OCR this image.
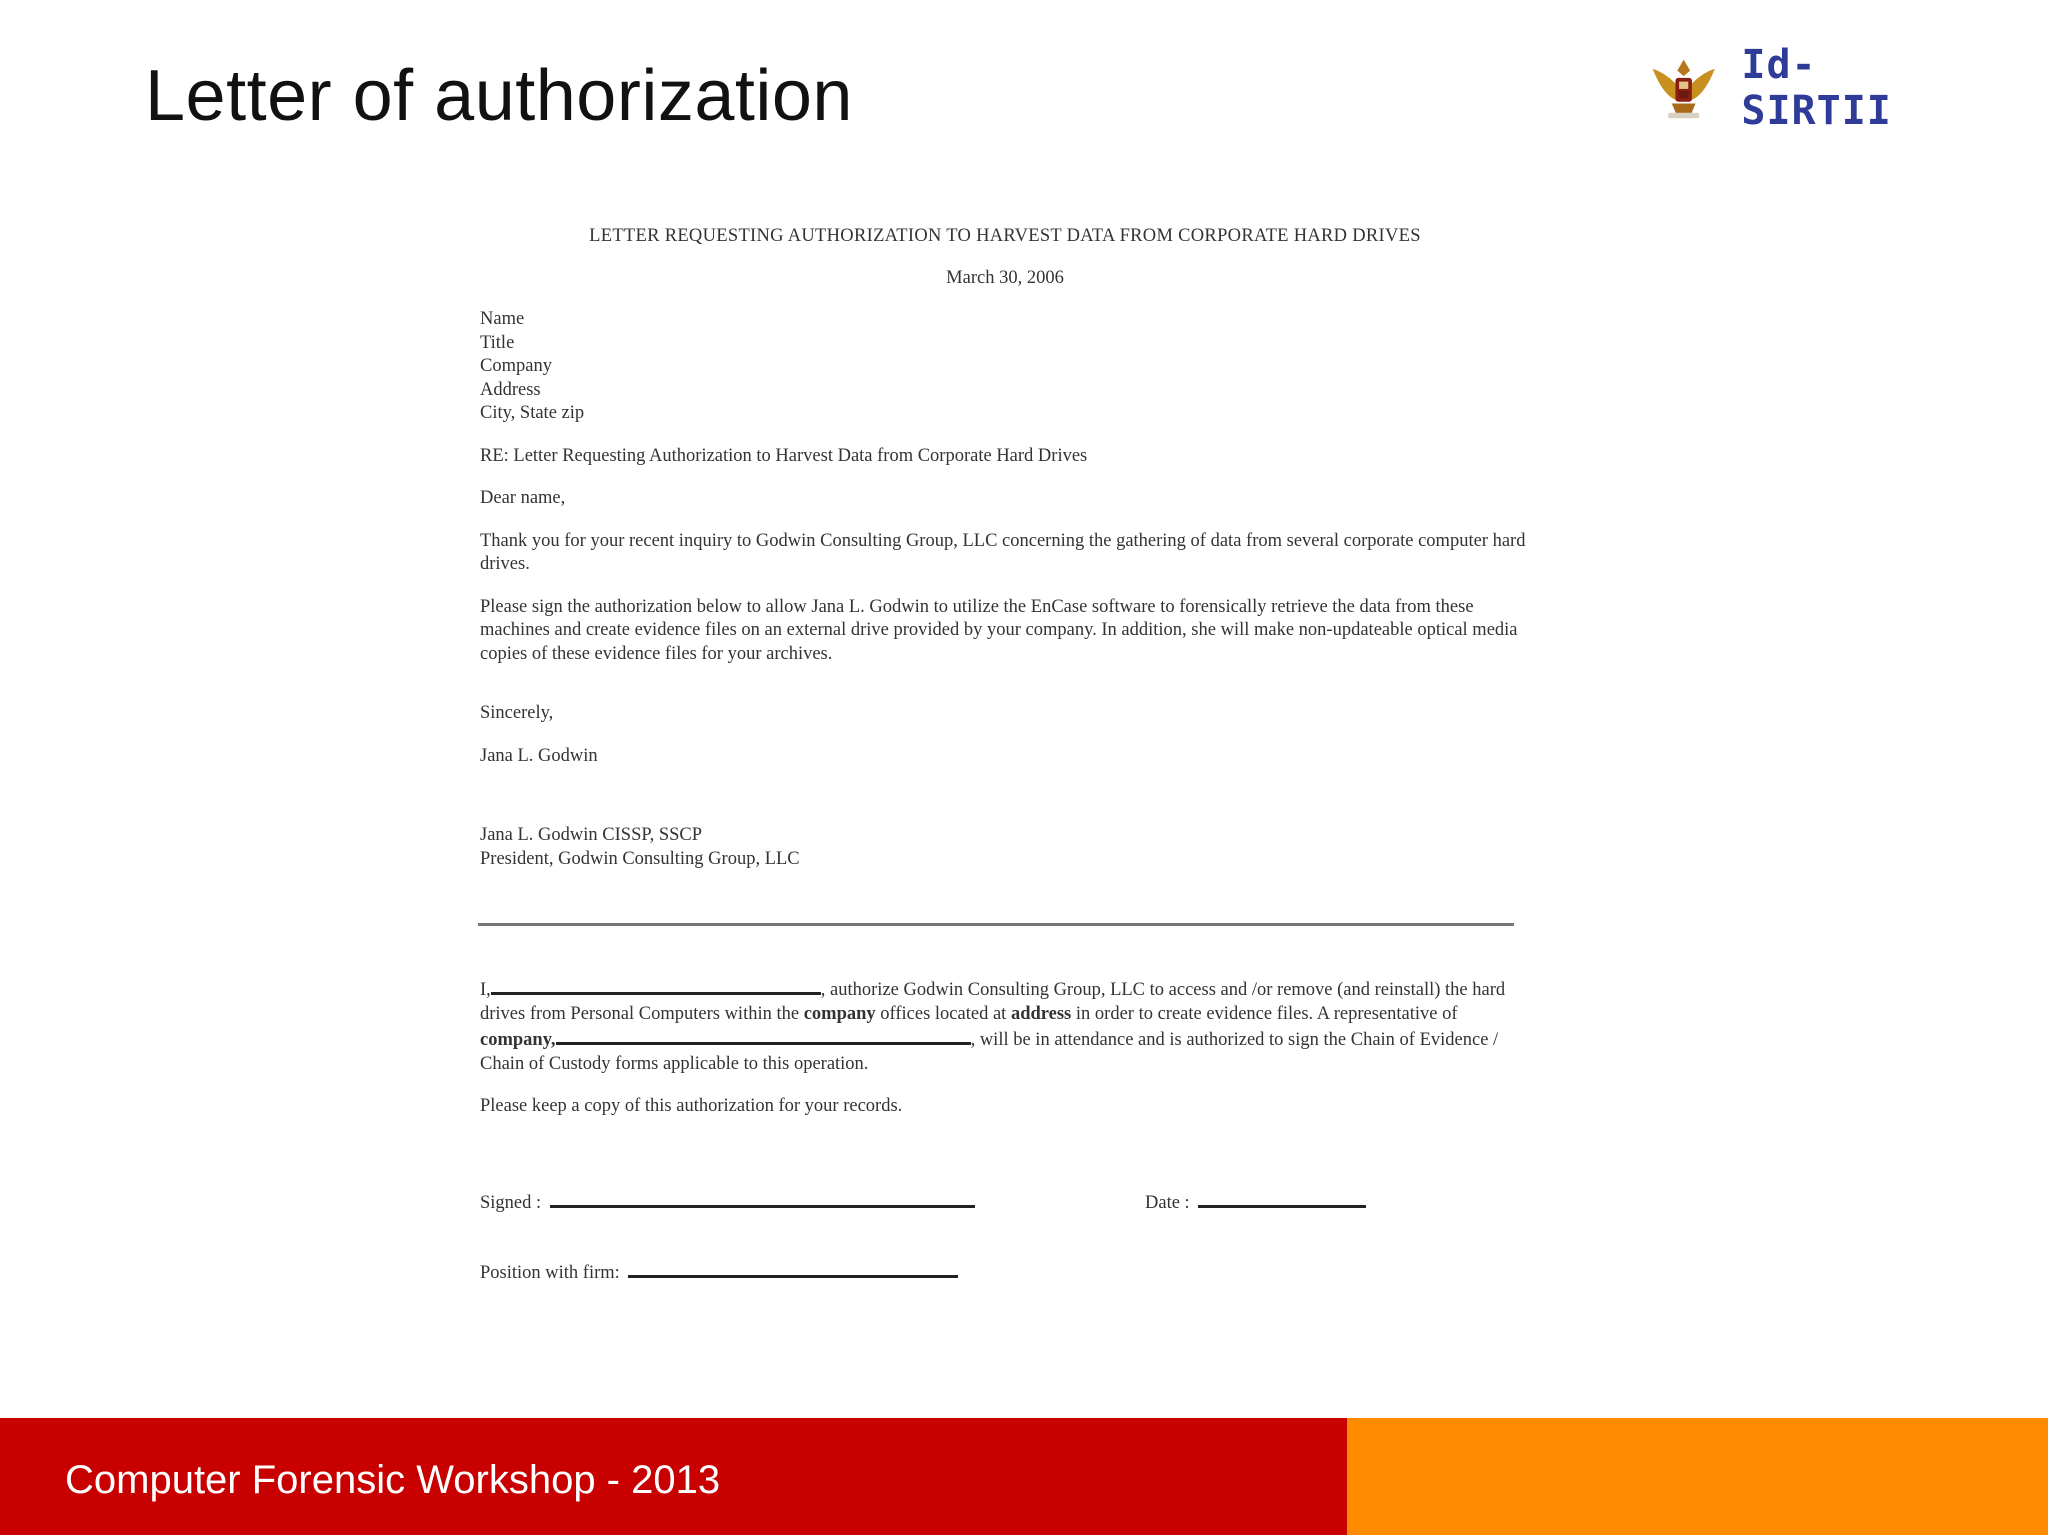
Letter of authorization	Id-SIRTII

LETTER REQUESTING AUTHORIZATION TO HARVEST DATA FROM CORPORATE HARD DRIVES

March 30, 2006

Name
Title
Company
Address
City, State zip

RE: Letter Requesting Authorization to Harvest Data from Corporate Hard Drives

Dear name,

Thank you for your recent inquiry to Godwin Consulting Group, LLC concerning the gathering of data from several corporate computer hard drives.

Please sign the authorization below to allow Jana L. Godwin to utilize the EnCase software to forensically retrieve the data from these machines and create evidence files on an external drive provided by your company. In addition, she will make non-updateable optical media copies of these evidence files for your archives.

Sincerely,

Jana L. Godwin

Jana L. Godwin CISSP, SSCP

President, Godwin Consulting Group, LLC

I,	, authorize Godwin Consulting Group, LLC to access and /or remove (and reinstall) the hard drives from Personal Computers within the company offices located at address in order to create evidence files. A representative of company,	, will be in attendance and is authorized to sign the Chain of Evidence / Chain of Custody forms applicable to this operation.

Please keep a copy of this authorization for your records.

Signed :	Date :
Position with firm:
Computer Forensic Workshop - 2013
